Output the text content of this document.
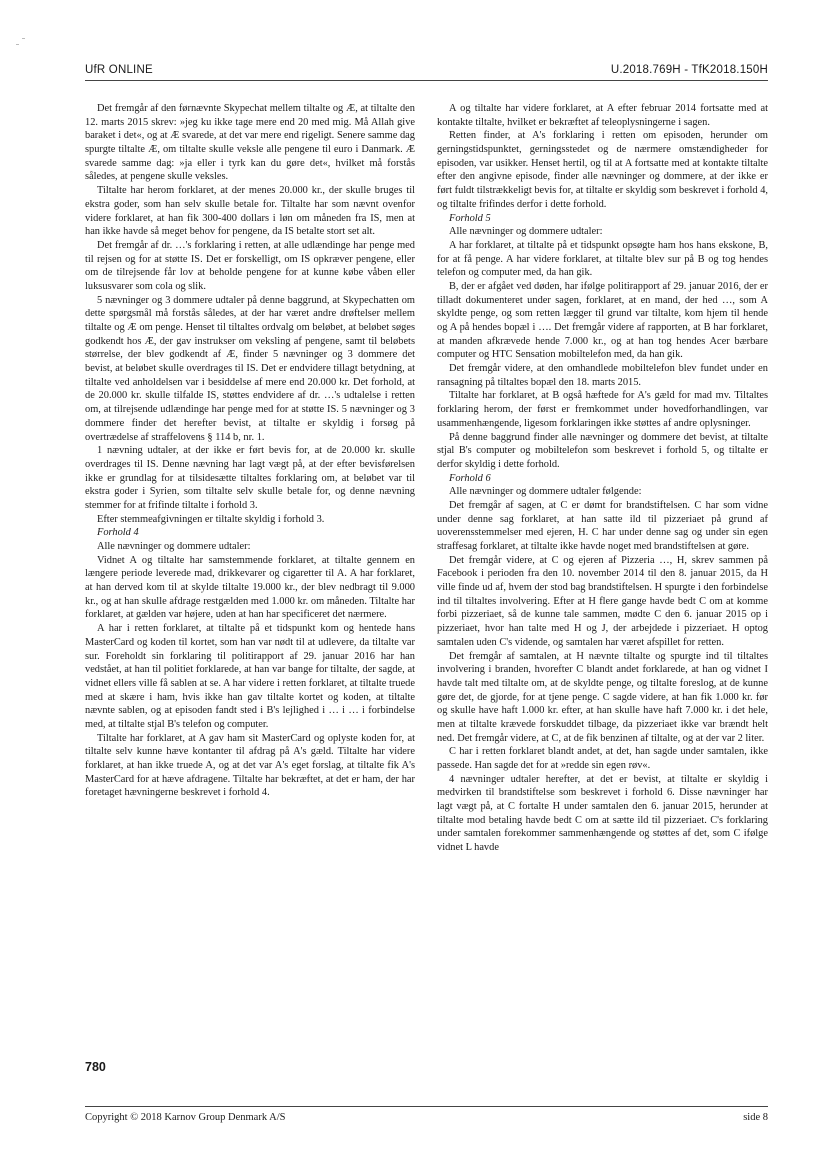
UfR ONLINE	U.2018.769H - TfK2018.150H

Det fremgår af den førnævnte Skypechat mellem tiltalte og Æ, at tiltalte den 12. marts 2015 skrev: »jeg ku ikke tage mere end 20 med mig. Må Allah give baraket i det«, og at Æ svarede, at det var mere end rigeligt. Senere samme dag spurgte tiltalte Æ, om tiltalte skulle veksle alle pengene til euro i Danmark. Æ svarede samme dag: »ja eller i tyrk kan du gøre det«, hvilket må forstås således, at pengene skulle veksles.

Tiltalte har herom forklaret, at der menes 20.000 kr., der skulle bruges til ekstra goder, som han selv skulle betale for. Tiltalte har som nævnt ovenfor videre forklaret, at han fik 300-400 dollars i løn om måneden fra IS, men at han ikke havde så meget behov for pengene, da IS betalte stort set alt.

Det fremgår af dr. …'s forklaring i retten, at alle udlændinge har penge med til rejsen og for at støtte IS. Det er forskelligt, om IS opkræver pengene, eller om de tilrejsende får lov at beholde pengene for at kunne købe våben eller luksusvarer som cola og slik.

5 nævninger og 3 dommere udtaler på denne baggrund, at Skypechatten om dette spørgsmål må forstås således, at der har været andre drøftelser mellem tiltalte og Æ om penge. Henset til tiltaltes ordvalg om beløbet, at beløbet søges godkendt hos Æ, der gav instrukser om veksling af pengene, samt til beløbets størrelse, der blev godkendt af Æ, finder 5 nævninger og 3 dommere det bevist, at beløbet skulle overdrages til IS. Det er endvidere tillagt betydning, at tiltalte ved anholdelsen var i besiddelse af mere end 20.000 kr. Det forhold, at de 20.000 kr. skulle tilfalde IS, støttes endvidere af dr. …'s udtalelse i retten om, at tilrejsende udlændinge har penge med for at støtte IS. 5 nævninger og 3 dommere finder det herefter bevist, at tiltalte er skyldig i forsøg på overtrædelse af straffelovens § 114 b, nr. 1.

1 nævning udtaler, at der ikke er ført bevis for, at de 20.000 kr. skulle overdrages til IS. Denne nævning har lagt vægt på, at der efter bevisførelsen ikke er grundlag for at tilsidesætte tiltaltes forklaring om, at beløbet var til ekstra goder i Syrien, som tiltalte selv skulle betale for, og denne nævning stemmer for at frifinde tiltalte i forhold 3.

Efter stemmeafgivningen er tiltalte skyldig i forhold 3.

Forhold 4

Alle nævninger og dommere udtaler:

Vidnet A og tiltalte har samstemmende forklaret, at tiltalte gennem en længere periode leverede mad, drikkevarer og cigaretter til A. A har forklaret, at han derved kom til at skylde tiltalte 19.000 kr., der blev nedbragt til 9.000 kr., og at han skulle afdrage restgælden med 1.000 kr. om måneden. Tiltalte har forklaret, at gælden var højere, uden at han har specificeret det nærmere.

A har i retten forklaret, at tiltalte på et tidspunkt kom og hentede hans MasterCard og koden til kortet, som han var nødt til at udlevere, da tiltalte var sur. Foreholdt sin forklaring til politirapport af 29. januar 2016 har han vedstået, at han til politiet forklarede, at han var bange for tiltalte, der sagde, at vidnet ellers ville få sablen at se. A har videre i retten forklaret, at tiltalte truede med at skære i ham, hvis ikke han gav tiltalte kortet og koden, at tiltalte nævnte sablen, og at episoden fandt sted i B's lejlighed i … i … i forbindelse med, at tiltalte stjal B's telefon og computer.

Tiltalte har forklaret, at A gav ham sit MasterCard og oplyste koden for, at tiltalte selv kunne hæve kontanter til afdrag på A's gæld. Tiltalte har videre forklaret, at han ikke truede A, og at det var A's eget forslag, at tiltalte fik A's MasterCard for at hæve afdragene. Tiltalte har bekræftet, at det er ham, der har foretaget hævningerne beskrevet i forhold 4.

A og tiltalte har videre forklaret, at A efter februar 2014 fortsatte med at kontakte tiltalte, hvilket er bekræftet af teleoplysningerne i sagen.

Retten finder, at A's forklaring i retten om episoden, herunder om gerningstidspunktet, gerningsstedet og de nærmere omstændigheder for episoden, var usikker. Henset hertil, og til at A fortsatte med at kontakte tiltalte efter den angivne episode, finder alle nævninger og dommere, at der ikke er ført fuldt tilstrækkeligt bevis for, at tiltalte er skyldig som beskrevet i forhold 4, og tiltalte frifindes derfor i dette forhold.

Forhold 5

Alle nævninger og dommere udtaler:

A har forklaret, at tiltalte på et tidspunkt opsøgte ham hos hans ekskone, B, for at få penge. A har videre forklaret, at tiltalte blev sur på B og tog hendes telefon og computer med, da han gik.

B, der er afgået ved døden, har ifølge politirapport af 29. januar 2016, der er tilladt dokumenteret under sagen, forklaret, at en mand, der hed …, som A skyldte penge, og som retten lægger til grund var tiltalte, kom hjem til hende og A på hendes bopæl i …. Det fremgår videre af rapporten, at B har forklaret, at manden afkrævede hende 7.000 kr., og at han tog hendes Acer bærbare computer og HTC Sensation mobiltelefon med, da han gik.

Det fremgår videre, at den omhandlede mobiltelefon blev fundet under en ransagning på tiltaltes bopæl den 18. marts 2015.

Tiltalte har forklaret, at B også hæftede for A's gæld for mad mv. Tiltaltes forklaring herom, der først er fremkommet under hovedforhandlingen, var usammenhængende, ligesom forklaringen ikke støttes af andre oplysninger.

På denne baggrund finder alle nævninger og dommere det bevist, at tiltalte stjal B's computer og mobiltelefon som beskrevet i forhold 5, og tiltalte er derfor skyldig i dette forhold.

Forhold 6

Alle nævninger og dommere udtaler følgende:

Det fremgår af sagen, at C er dømt for brandstiftelsen. C har som vidne under denne sag forklaret, at han satte ild til pizzeriaet på grund af uoverensstemmelser med ejeren, H. C har under denne sag og under sin egen straffesag forklaret, at tiltalte ikke havde noget med brandstiftelsen at gøre.

Det fremgår videre, at C og ejeren af Pizzeria …, H, skrev sammen på Facebook i perioden fra den 10. november 2014 til den 8. januar 2015, da H ville finde ud af, hvem der stod bag brandstiftelsen. H spurgte i den forbindelse ind til tiltaltes involvering. Efter at H flere gange havde bedt C om at komme forbi pizzeriaet, så de kunne tale sammen, mødte C den 6. januar 2015 op i pizzeriaet, hvor han talte med H og J, der arbejdede i pizzeriaet. H optog samtalen uden C's vidende, og samtalen har været afspillet for retten.

Det fremgår af samtalen, at H nævnte tiltalte og spurgte ind til tiltaltes involvering i branden, hvorefter C blandt andet forklarede, at han og vidnet I havde talt med tiltalte om, at de skyldte penge, og tiltalte foreslog, at de kunne gøre det, de gjorde, for at tjene penge. C sagde videre, at han fik 1.000 kr. før og skulle have haft 1.000 kr. efter, at han skulle have haft 7.000 kr. i det hele, men at tiltalte krævede forskuddet tilbage, da pizzeriaet ikke var brændt helt ned. Det fremgår videre, at C, at de fik benzinen af tiltalte, og at der var 2 liter.

C har i retten forklaret blandt andet, at det, han sagde under samtalen, ikke passede. Han sagde det for at »redde sin egen røv«.

4 nævninger udtaler herefter, at det er bevist, at tiltalte er skyldig i medvirken til brandstiftelse som beskrevet i forhold 6. Disse nævninger har lagt vægt på, at C fortalte H under samtalen den 6. januar 2015, herunder at tiltalte mod betaling havde bedt C om at sætte ild til pizzeriaet. C's forklaring under samtalen forekommer sammenhængende og støttes af det, som C ifølge vidnet L havde

780
Copyright © 2018 Karnov Group Denmark A/S	side 8
